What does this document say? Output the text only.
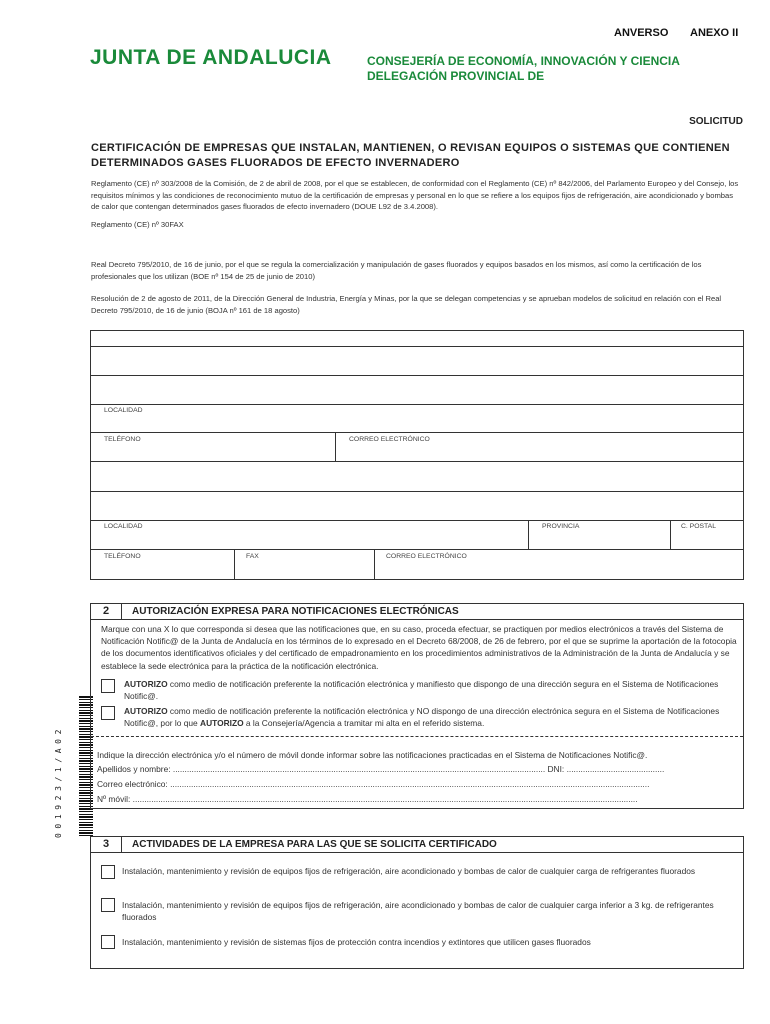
ANVERSO ANEXO II
JUNTA DE ANDALUCIA	CONSEJERÍA DE ECONOMÍA, INNOVACIÓN Y CIENCIA
DELEGACIÓN PROVINCIAL DE
SOLICITUD
CERTIFICACIÓN DE EMPRESAS QUE INSTALAN, MANTIENEN, O REVISAN EQUIPOS O SISTEMAS QUE CONTIENEN DETERMINADOS GASES FLUORADOS DE EFECTO INVERNADERO
Reglamento (CE) nº 303/2008 de la Comisión, de 2 de abril de 2008, por el que se establecen, de conformidad con el Reglamento (CE) nº 842/2006, del Parlamento Europeo y del Consejo, los requisitos mínimos y las condiciones de reconocimiento mutuo de la certificación de empresas y personal en lo que se refiere a los equipos fijos de refrigeración, aire acondicionado y bombas de calor que contengan determinados gases fluorados de efecto invernadero (DOUE L92 de 3.4.2008).
Reglamento (CE) nº 30FAX
Real Decreto 795/2010, de 16 de junio, por el que se regula la comercialización y manipulación de gases fluorados y equipos basados en los mismos, así como la certificación de los profesionales que los utilizan (BOE nº 154 de 25 de junio de 2010)
Resolución de 2 de agosto de 2011, de la Dirección General de Industria, Energía y Minas, por la que se delegan competencias y se aprueban modelos de solicitud en relación con el Real Decreto 795/2010, de 16 de junio (BOJA nº 161 de 18 agosto)
LOCALIDAD
TELÉFONO	CORREO ELECTRÓNICO
LOCALIDAD	PROVINCIA	C. POSTAL
TELÉFONO	FAX	CORREO ELECTRÓNICO
001923/1/A02
2	AUTORIZACIÓN EXPRESA PARA NOTIFICACIONES ELECTRÓNICAS
Marque con una X lo que corresponda si desea que las notificaciones que, en su caso, proceda efectuar, se practiquen por medios electrónicos a través del Sistema de Notificación Notific@ de la Junta de Andalucía en los términos de lo expresado en el Decreto 68/2008, de 26 de febrero, por el que se suprime la aportación de la fotocopia de los documentos identificativos oficiales y del certificado de empadronamiento en los procedimientos administrativos de la Administración de la Junta de Andalucía y se establece la sede electrónica para la práctica de la notificación electrónica.
AUTORIZO como medio de notificación preferente la notificación electrónica y manifiesto que dispongo de una dirección segura en el Sistema de Notificaciones Notific@.
AUTORIZO como medio de notificación preferente la notificación electrónica y NO dispongo de una dirección electrónica segura en el Sistema de Notificaciones Notific@, por lo que AUTORIZO a la Consejería/Agencia a tramitar mi alta en el referido sistema.
Indique la dirección electrónica y/o el número de móvil donde informar sobre las notificaciones practicadas en el Sistema de Notificaciones Notific@.
Apellidos y nombre: ................................................................................................................................................................ DNI: ..........................................
Correo electrónico: ..............................................................................................................................................................................................................
Nº móvil: .........................................................................................................................................................................................................................
3	ACTIVIDADES DE LA EMPRESA PARA LAS QUE SE SOLICITA CERTIFICADO
Instalación, mantenimiento y revisión de equipos fijos de refrigeración, aire acondicionado y bombas de calor de cualquier carga de refrigerantes fluorados
Instalación, mantenimiento y revisión de equipos fijos de refrigeración, aire acondicionado y bombas de calor de cualquier carga inferior a 3 kg. de refrigerantes fluorados
Instalación, mantenimiento y revisión de sistemas fijos de protección contra incendios y extintores que utilicen gases fluorados
